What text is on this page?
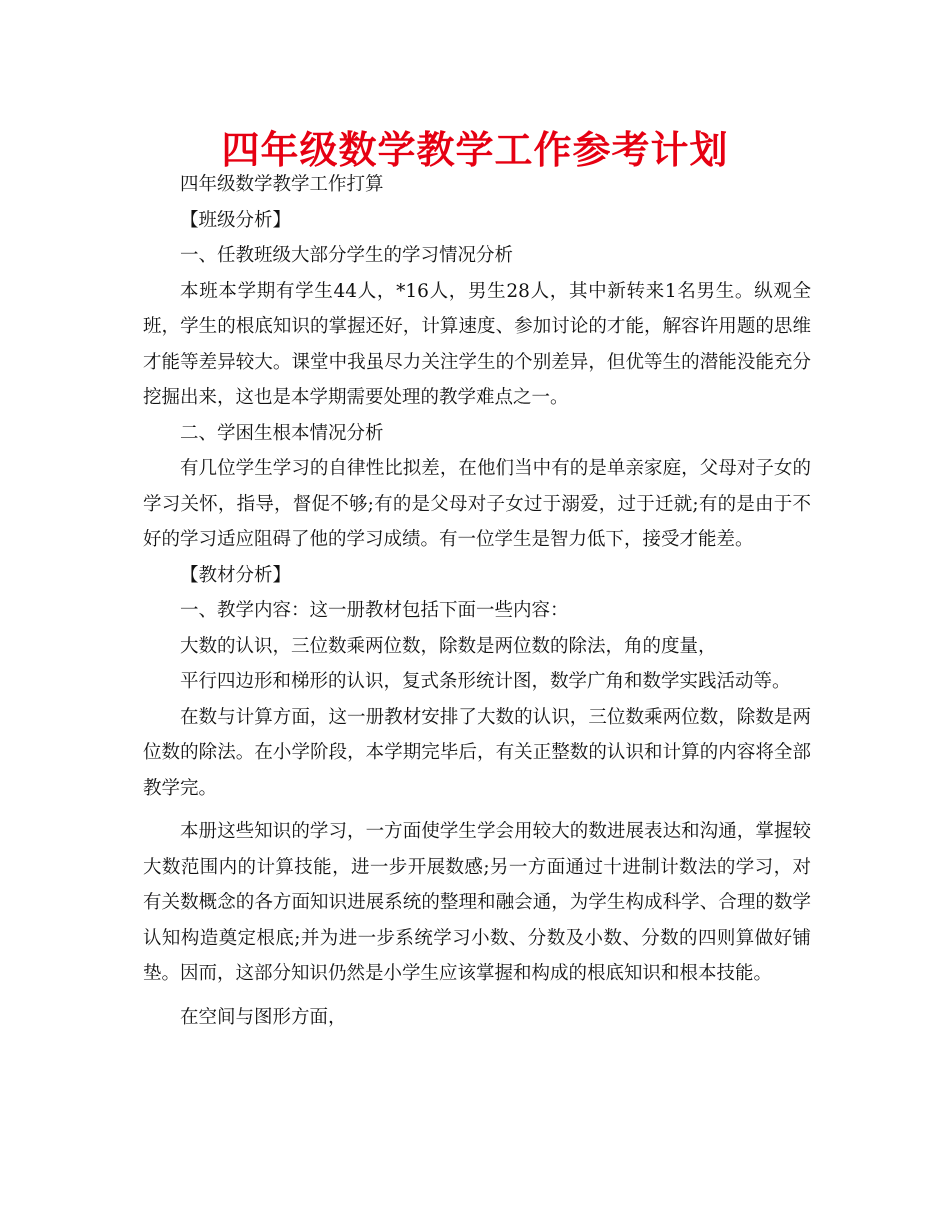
四年级数学教学工作参考计划

四年级数学教学工作打算

【班级分析】

一、任教班级大部分学生的学习情况分析

本班本学期有学生44人，*16人，男生28人，其中新转来1名男生。纵观全班，学生的根底知识的掌握还好，计算速度、参加讨论的才能，解容许用题的思维才能等差异较大。课堂中我虽尽力关注学生的个别差异，但优等生的潜能没能充分挖掘出来，这也是本学期需要处理的教学难点之一。

二、学困生根本情况分析

有几位学生学习的自律性比拟差，在他们当中有的是单亲家庭，父母对子女的学习关怀，指导，督促不够;有的是父母对子女过于溺爱，过于迁就;有的是由于不好的学习适应阻碍了他的学习成绩。有一位学生是智力低下，接受才能差。

【教材分析】

一、教学内容：这一册教材包括下面一些内容：

大数的认识，三位数乘两位数，除数是两位数的除法，角的度量，

平行四边形和梯形的认识，复式条形统计图，数学广角和数学实践活动等。

在数与计算方面，这一册教材安排了大数的认识，三位数乘两位数，除数是两位数的除法。在小学阶段，本学期完毕后，有关正整数的认识和计算的内容将全部教学完。

本册这些知识的学习，一方面使学生学会用较大的数进展表达和沟通，掌握较大数范围内的计算技能，进一步开展数感;另一方面通过十进制计数法的学习，对有关数概念的各方面知识进展系统的整理和融会通，为学生构成科学、合理的数学认知构造奠定根底;并为进一步系统学习小数、分数及小数、分数的四则算做好铺垫。因而，这部分知识仍然是小学生应该掌握和构成的根底知识和根本技能。

在空间与图形方面，
